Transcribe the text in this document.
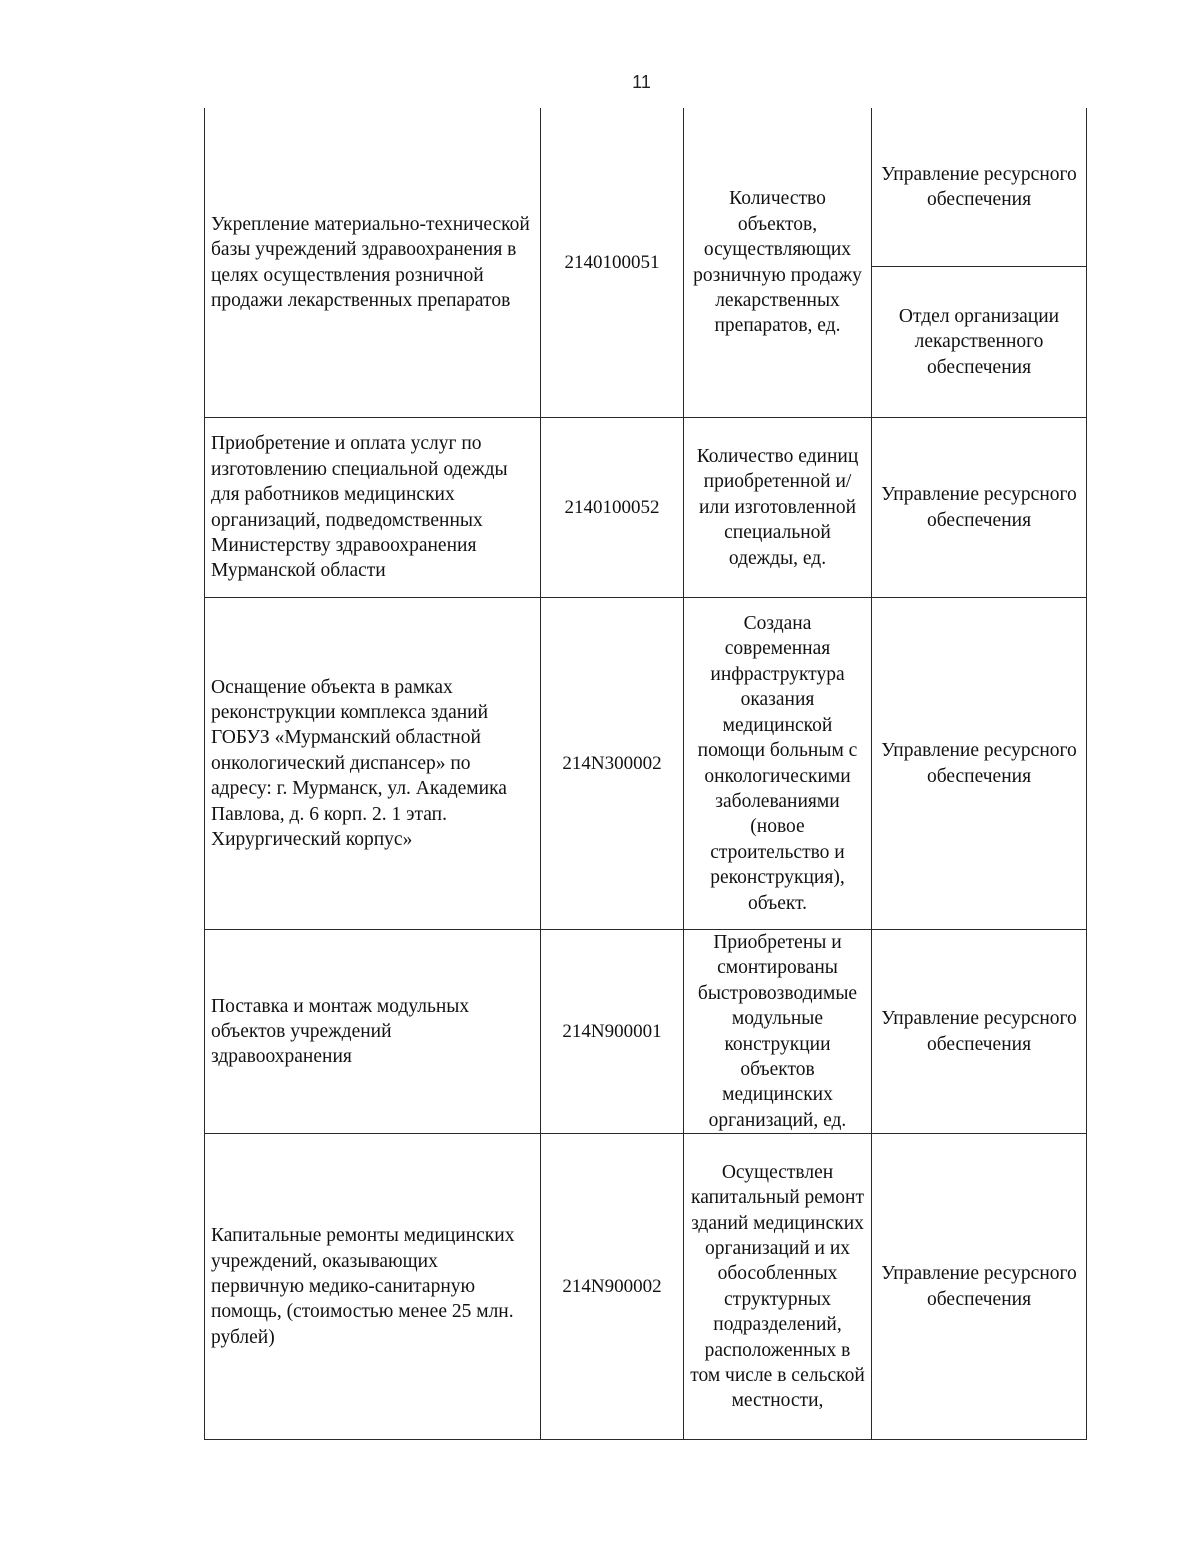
11
Укрепление материально-технической базы учреждений здравоохранения в целях осуществления розничной продажи лекарственных препаратов	2140100051	Количество объектов, осуществляющих розничную продажу лекарственных препаратов, ед.	Управление ресурсного обеспечения

			Отдел организации лекарственного обеспечения

Приобретение и оплата услуг по изготовлению специальной одежды для работников медицинских организаций, подведомственных Министерству здравоохранения Мурманской области	2140100052	Количество единиц приобретенной и/или изготовленной специальной одежды, ед.	Управление ресурсного обеспечения

Оснащение объекта в рамках реконструкции комплекса зданий ГОБУЗ «Мурманский областной онкологический диспансер» по адресу: г. Мурманск, ул. Академика Павлова, д. 6 корп. 2. 1 этап. Хирургический корпус»	214N300002	Создана современная инфраструктура оказания медицинской помощи больным с онкологическими заболеваниями (новое строительство и реконструкция), объект.	Управление ресурсного обеспечения

Поставка и монтаж модульных объектов учреждений здравоохранения	214N900001	Приобретены и смонтированы быстровозводимые модульные конструкции объектов медицинских организаций, ед.	Управление ресурсного обеспечения

Капитальные ремонты медицинских учреждений, оказывающих первичную медико-санитарную помощь, (стоимостью менее 25 млн. рублей)	214N900002	Осуществлен капитальный ремонт зданий медицинских организаций и их обособленных структурных подразделений, расположенных в том числе в сельской местности,	Управление ресурсного обеспечения
